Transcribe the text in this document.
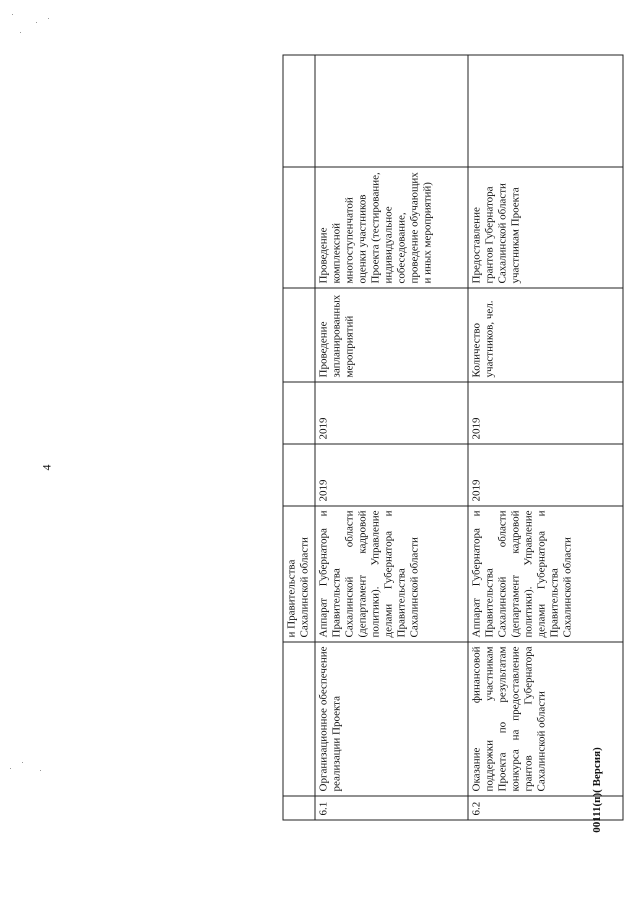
4
		и Правительства Сахалинской области					
6.1	Организационное обеспечение реализации Проекта	Аппарат Губернатора и Правительства Сахалинской области (департамент кадровой политики). Управление делами Губернатора и Правительства Сахалинской области	2019	2019	Проведение запланированных мероприятий	Проведение комплексной многоступенчатой оценки участников Проекта (тестирование, индивидуальное собеседование, проведение обучающих и иных мероприятий)	
6.2	Оказание финансовой поддержки участникам Проекта по результатам конкурса на предоставление грантов Губернатора Сахалинской области	Аппарат Губернатора и Правительства Сахалинской области (департамент кадровой политики). Управление делами Губернатора и Правительства Сахалинской области	2019	2019	Количество участников, чел.	Предоставление грантов Губернатора Сахалинской области участникам Проекта	
00111(п)( Версия)
